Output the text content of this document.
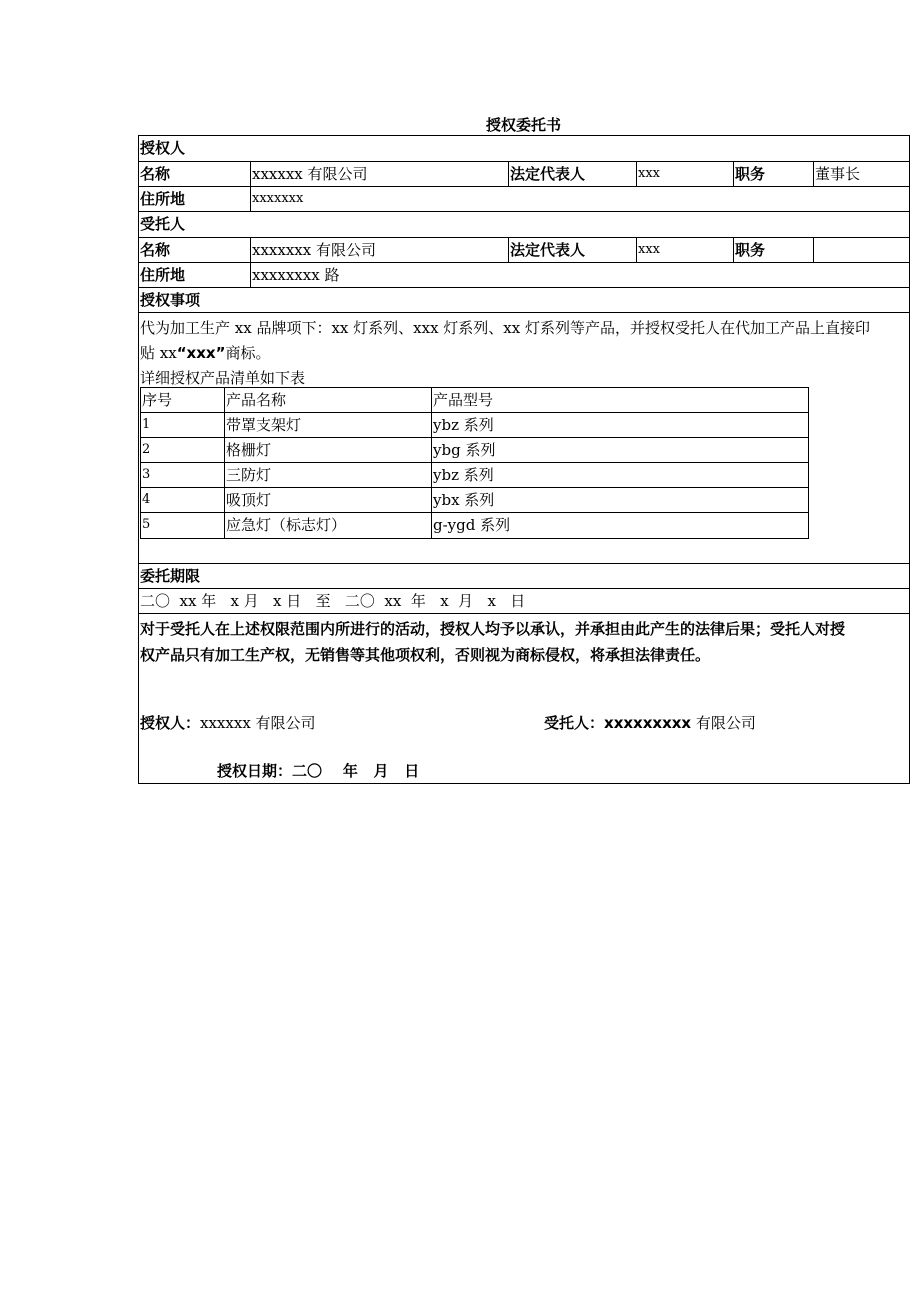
授权委托书
授权人
名称	xxxxxx 有限公司	法定代表人	xxx	职务	董事长
住所地	xxxxxxx
受托人
名称	xxxxxxx 有限公司	法定代表人	xxx	职务
住所地	xxxxxxxx 路
授权事项
代为加工生产 xx 品牌项下：xx 灯系列、xxx 灯系列、xx 灯系列等产品，并授权受托人在代加工产品上直接印
贴 xx“xxx”商标。
详细授权产品清单如下表
序号	产品名称	产品型号
1	带罩支架灯	ybz 系列
2	格栅灯	ybg 系列
3	三防灯	ybz 系列
4	吸顶灯	ybx 系列
5	应急灯（标志灯）	g-ygd 系列
委托期限
二〇  xx 年   x 月   x 日   至   二〇  xx  年   x  月   x   日
对于受托人在上述权限范围内所进行的活动，授权人均予以承认，并承担由此产生的法律后果；受托人对授
权产品只有加工生产权，无销售等其他项权利，否则视为商标侵权，将承担法律责任。
授权人：xxxxxx 有限公司	受托人：xxxxxxxxx 有限公司
授权日期：二〇    年   月   日
